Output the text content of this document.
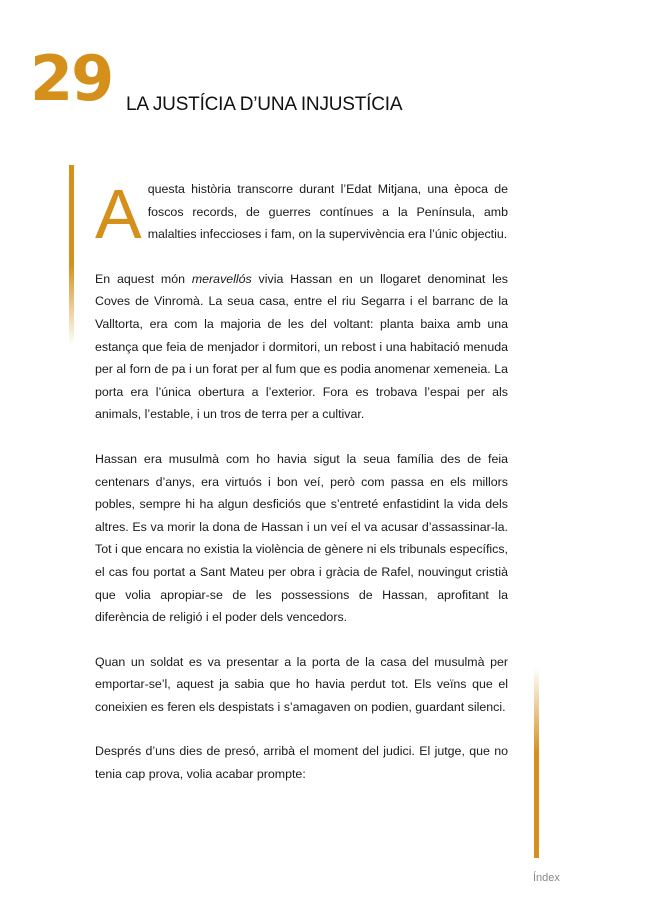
29 LA JUSTÍCIA D’UNA INJUSTÍCIA

Aquesta història transcorre durant l’Edat Mitjana, una època de foscos records, de guerres contínues a la Península, amb malalties infeccioses i fam, on la supervivència era l’únic objectiu.

En aquest món meravellós vivia Hassan en un llogaret denominat les Coves de Vinromà. La seua casa, entre el riu Segarra i el barranc de la Valltorta, era com la majoria de les del voltant: planta baixa amb una estança que feia de menjador i dormitori, un rebost i una habitació menuda per al forn de pa i un forat per al fum que es podia anomenar xemeneia. La porta era l’única obertura a l’exterior. Fora es trobava l’espai per als animals, l’estable, i un tros de terra per a cultivar.

Hassan era musulmà com ho havia sigut la seua família des de feia centenars d’anys, era virtuós i bon veí, però com passa en els millors pobles, sempre hi ha algun desficiós que s’entreté enfastidint la vida dels altres. Es va morir la dona de Hassan i un veí el va acusar d’assassinar-la. Tot i que encara no existia la violència de gènere ni els tribunals específics, el cas fou portat a Sant Mateu per obra i gràcia de Rafel, nouvingut cristià que volia apropiar-se de les possessions de Hassan, aprofitant la diferència de religió i el poder dels vencedors.

Quan un soldat es va presentar a la porta de la casa del musulmà per emportar-se’l, aquest ja sabia que ho havia perdut tot. Els veïns que el coneixien es feren els despistats i s’amagaven on podien, guardant silenci.

Després d’uns dies de presó, arribà el moment del judici. El jutge, que no tenia cap prova, volia acabar prompte:

Índex
